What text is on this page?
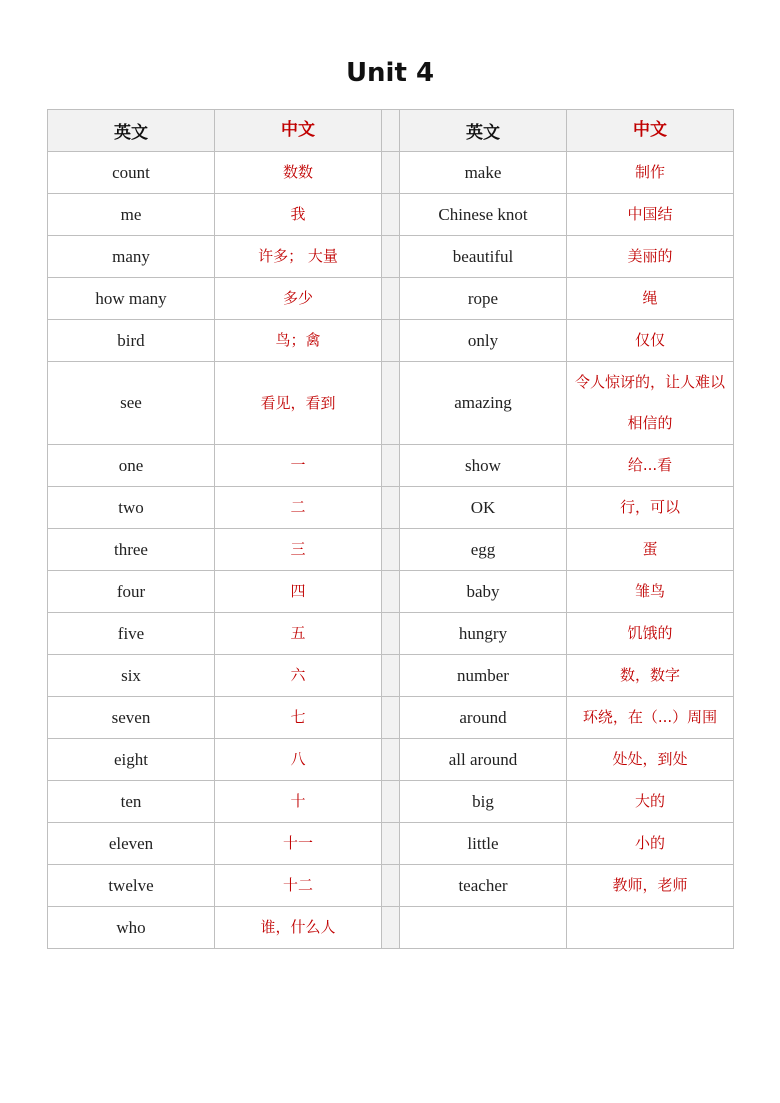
Unit 4
英文	中文		英文	中文
count	数数		make	制作
me	我		Chinese knot	中国结
many	许多； 大量		beautiful	美丽的
how many	多少		rope	绳
bird	鸟；禽		only	仅仅
see	看见，看到		amazing	令人惊讶的，让人难以相信的
one	一		show	给...看
two	二		OK	行，可以
three	三		egg	蛋
four	四		baby	雏鸟
five	五		hungry	饥饿的
six	六		number	数，数字
seven	七		around	环绕，在（...）周围
eight	八		all around	处处，到处
ten	十		big	大的
eleven	十一		little	小的
twelve	十二		teacher	教师，老师
who	谁，什么人			
